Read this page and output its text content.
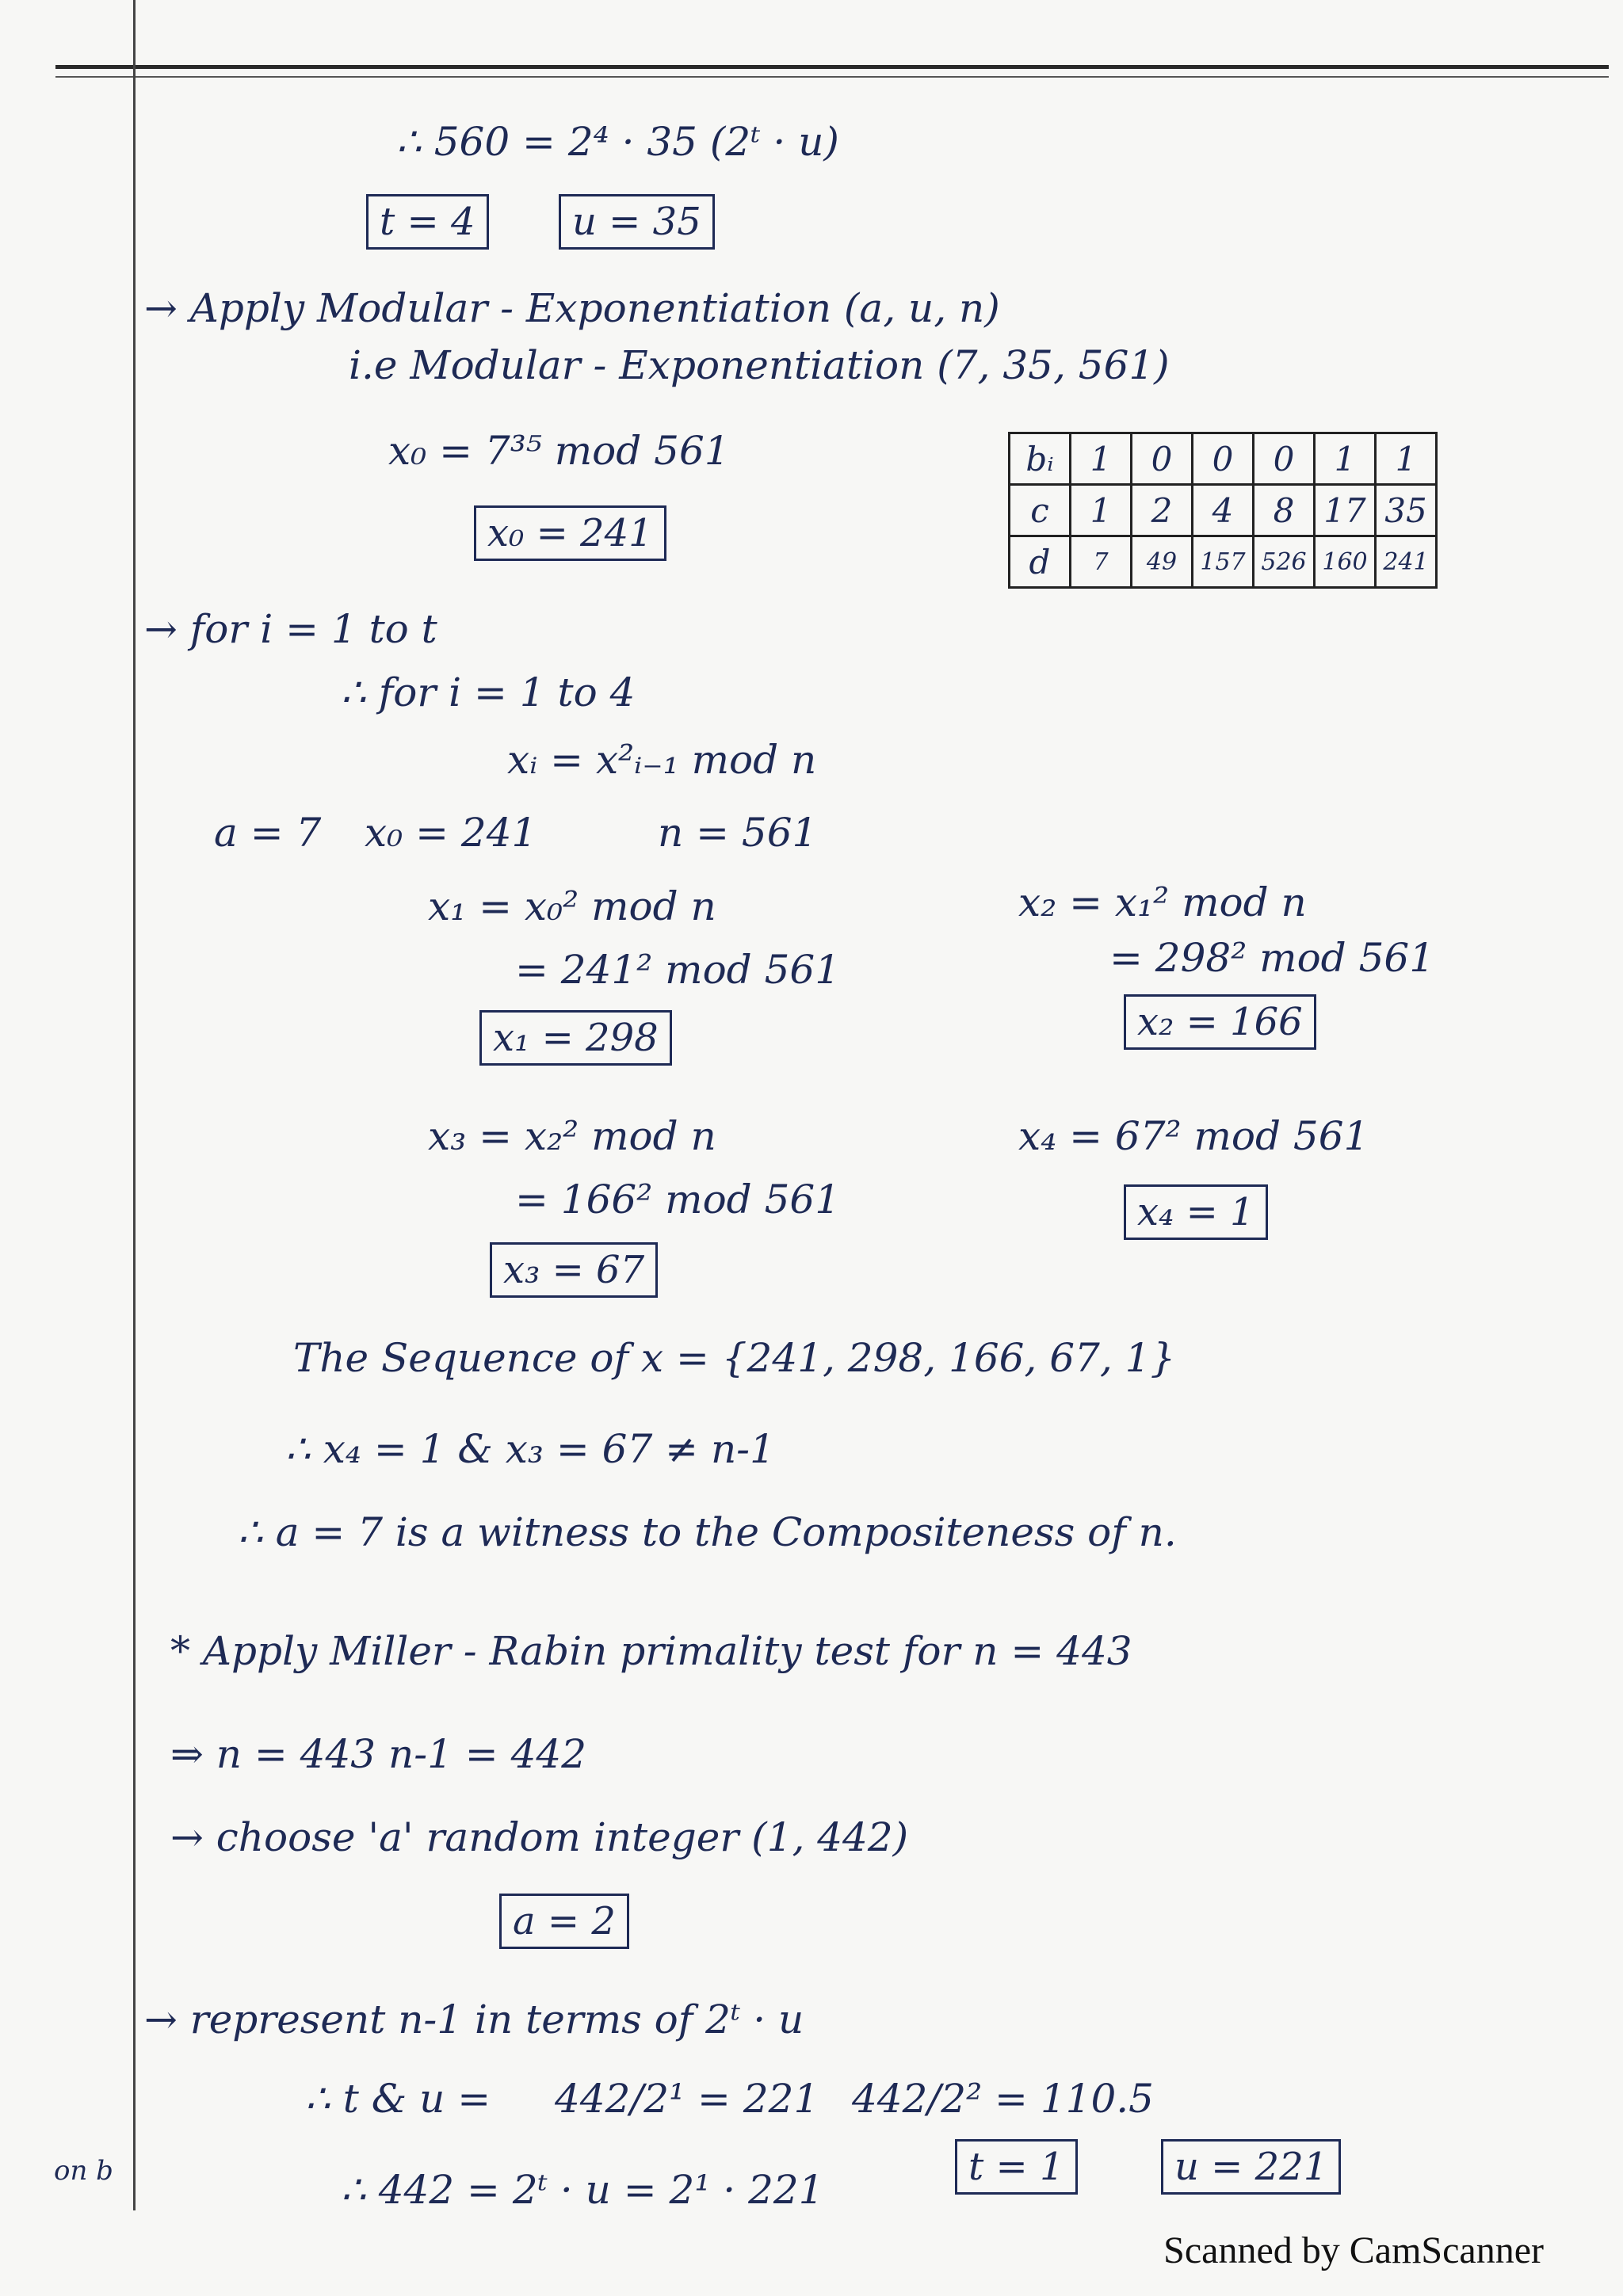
∴ 560 = 2⁴ · 35 (2ᵗ · u)
t = 4	u = 35
→ Apply Modular - Exponentiation (a, u, n)
i.e Modular - Exponentiation (7, 35, 561)
x₀ = 7³⁵ mod 561
x₀ = 241
bᵢ	1	0	0	0	1	1
c	1	2	4	8	17	35
d	7	49	157	526	160	241
→ for i = 1 to t
∴ for i = 1 to 4
xᵢ = x²ᵢ₋₁ mod n
a = 7 x₀ = 241	n = 561
x₁ = x₀² mod n	x₂ = x₁² mod n
= 241² mod 561	= 298² mod 561
x₁ = 298	x₂ = 166
x₃ = x₂² mod n	x₄ = 67² mod 561
= 166² mod 561	x₄ = 1
x₃ = 67
The Sequence of x = {241, 298, 166, 67, 1}
∴ x₄ = 1 & x₃ = 67 ≠ n-1
∴ a = 7 is a witness to the Compositeness of n.
* Apply Miller - Rabin primality test for n = 443
⇒ n = 443 n-1 = 442
→ choose 'a' random integer (1, 442)
a = 2
→ represent n-1 in terms of 2ᵗ · u
∴ t & u = 442/2¹ = 221 442/2² = 110.5
∴ 442 = 2ᵗ · u = 2¹ · 221	t = 1	u = 221
on b
Scanned by CamScanner
